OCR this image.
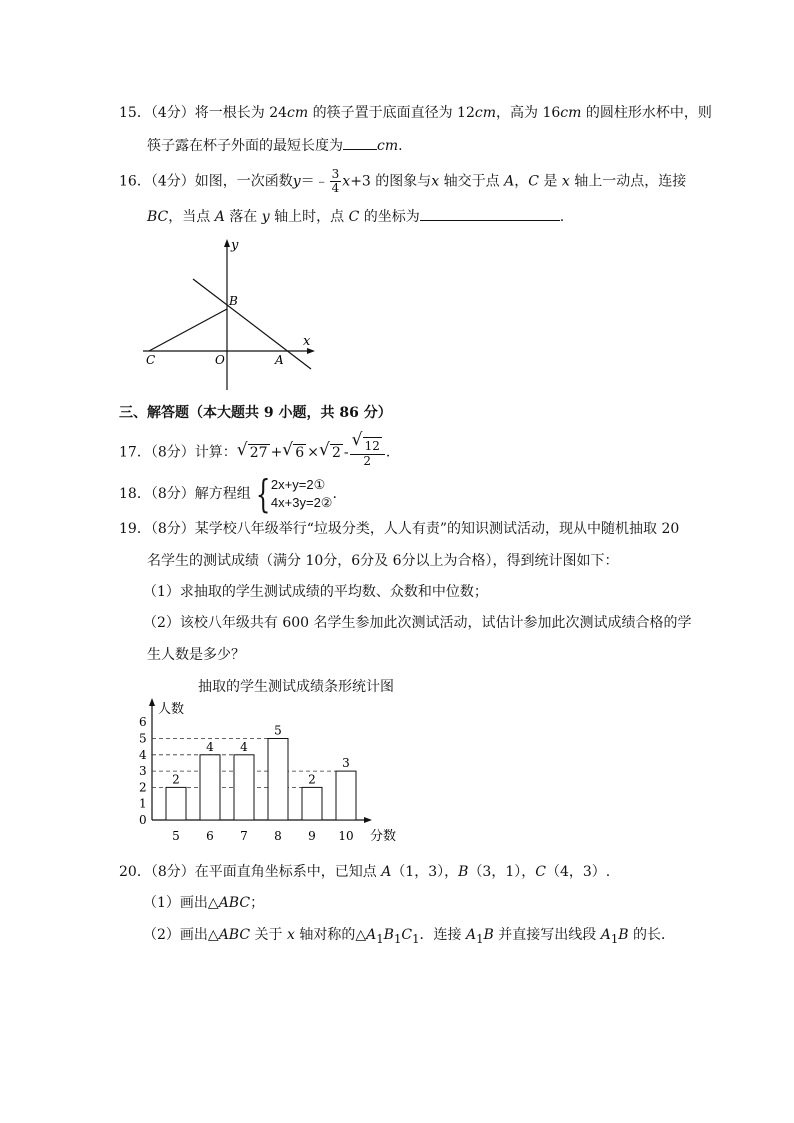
15．（4分）将一根长为 24cm 的筷子置于底面直径为 12cm，高为 16cm 的圆柱形水杯中，则
筷子露在杯子外面的最短长度为 cm.
16．（4分）如图，一次函数y＝﹣ $\frac{3}{4} x+3$ 的图象与x 轴交于点 A，C 是 x 轴上一动点，连接
BC，当点 A 落在 y 轴上时，点 C 的坐标为	.
y
x
B
C	O	A
三、解答题（本大题共 9 小题，共 86 分）
17．（8分）计算： √ 27 + √ 6 × √ 2 - √ $\frac{12}{2}$ .
18．（8分）解方程组 { 2x+y=2①
4x+3y=2②
.
19．（8分）某学校八年级举行“垃圾分类，人人有责”的知识测试活动，现从中随机抽取 20
名学生的测试成绩（满分 10分，6分及 6分以上为合格），得到统计图如下：
（1）求抽取的学生测试成绩的平均数、众数和中位数；
（2）该校八年级共有 600 名学生参加此次测试活动，试估计参加此次测试成绩合格的学
生人数是多少？
抽取的学生测试成绩条形统计图
0
1
2
3
4
5
6
人数
分数
2
5
4
6
4
7
5
8
2
9
3
10
20．（8分）在平面直角坐标系中，已知点 A（1，3），B（3，1），C（4，3）.
（1）画出△ABC；
（2）画出△ABC 关于 x 轴对称的$\triangle A_1B_1C_1$．连接 $A_1B$ 并直接写出线段 $A_1B$ 的长．
